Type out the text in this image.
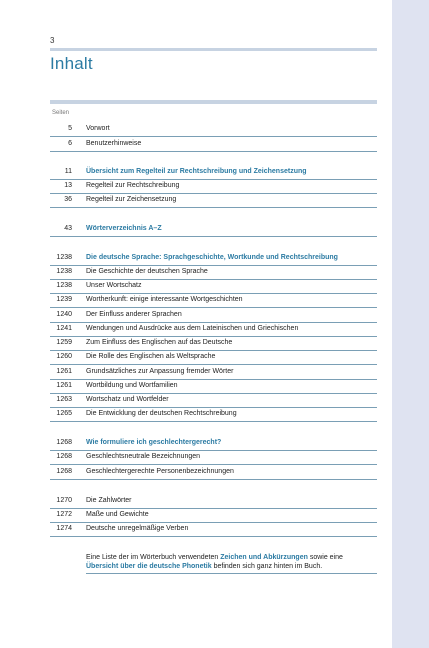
3
Inhalt
Seiten
5 Vorwort
6 Benutzerhinweise
11 Übersicht zum Regelteil zur Rechtschreibung und Zeichensetzung
13 Regelteil zur Rechtschreibung
36 Regelteil zur Zeichensetzung
43 Wörterverzeichnis A–Z
1238 Die deutsche Sprache: Sprachgeschichte, Wortkunde und Rechtschreibung
1238 Die Geschichte der deutschen Sprache
1238 Unser Wortschatz
1239 Wortherkunft: einige interessante Wortgeschichten
1240 Der Einfluss anderer Sprachen
1241 Wendungen und Ausdrücke aus dem Lateinischen und Griechischen
1259 Zum Einfluss des Englischen auf das Deutsche
1260 Die Rolle des Englischen als Weltsprache
1261 Grundsätzliches zur Anpassung fremder Wörter
1261 Wortbildung und Wortfamilien
1263 Wortschatz und Wortfelder
1265 Die Entwicklung der deutschen Rechtschreibung
1268 Wie formuliere ich geschlechtergerecht?
1268 Geschlechtsneutrale Bezeichnungen
1268 Geschlechtergerechte Personenbezeichnungen
1270 Die Zahlwörter
1272 Maße und Gewichte
1274 Deutsche unregelmäßige Verben
Eine Liste der im Wörterbuch verwendeten Zeichen und Abkürzungen sowie eine Übersicht über die deutsche Phonetik befinden sich ganz hinten im Buch.
